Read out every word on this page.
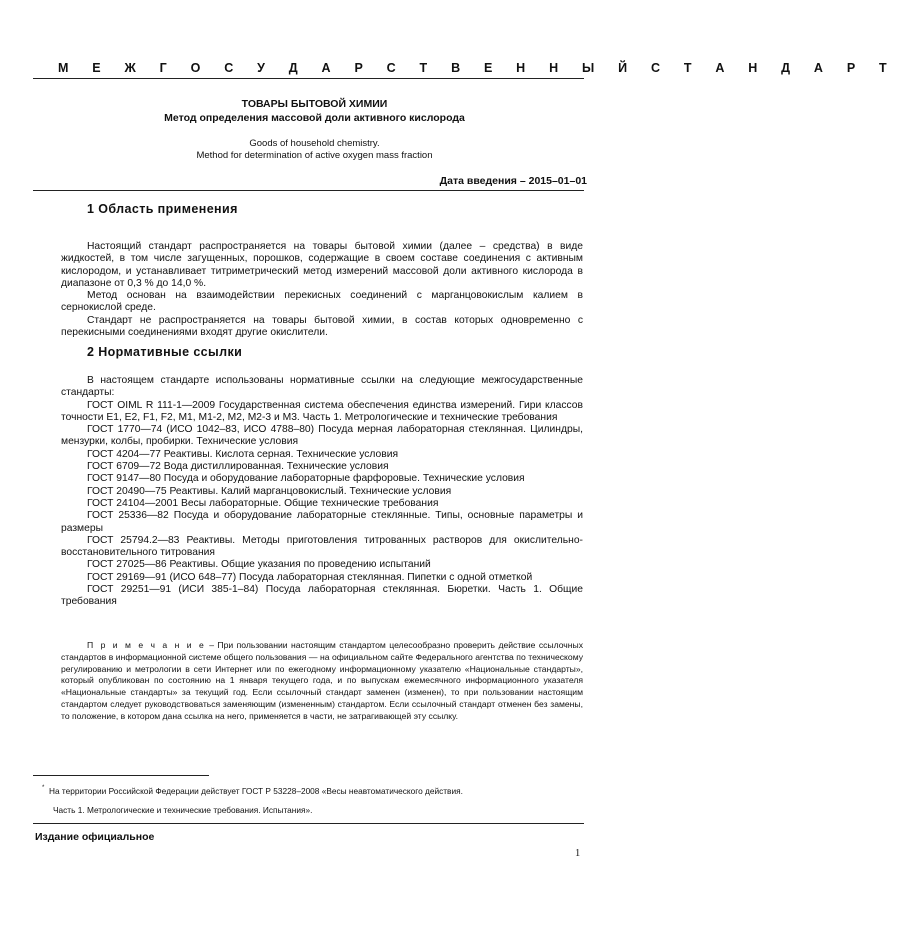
М Е Ж Г О С У Д А Р С Т В Е Н Н Ы Й С Т А Н Д А Р Т
ТОВАРЫ БЫТОВОЙ ХИМИИ
Метод определения массовой доли активного кислорода
Goods of household chemistry.
Method for determination of active oxygen mass fraction
Дата введения – 2015–01–01
1 Область применения

Настоящий стандарт распространяется на товары бытовой химии (далее – средства) в виде жидкостей, в том числе загущенных, порошков, содержащие в своем составе соединения с активным кислородом, и устанавливает титриметрический метод измерений массовой доли активного кислорода в диапазоне от 0,3 % до 14,0 %.

Метод основан на взаимодействии перекисных соединений с марганцовокислым калием в сернокислой среде.

Стандарт не распространяется на товары бытовой химии, в состав которых одновременно с перекисными соединениями входят другие окислители.

2 Нормативные ссылки

В настоящем стандарте использованы нормативные ссылки на следующие межгосударственные стандарты:

ГОСТ OIML R 111-1—2009 Государственная система обеспечения единства измерений. Гири классов точности E1, E2, F1, F2, M1, M1-2, M2, M2-3 и M3. Часть 1. Метрологические и технические требования

ГОСТ 1770—74 (ИСО 1042–83, ИСО 4788–80) Посуда мерная лабораторная стеклянная. Цилиндры, мензурки, колбы, пробирки. Технические условия

ГОСТ 4204—77 Реактивы. Кислота серная. Технические условия

ГОСТ 6709—72 Вода дистиллированная. Технические условия

ГОСТ 9147—80 Посуда и оборудование лабораторные фарфоровые. Технические условия

ГОСТ 20490—75 Реактивы. Калий марганцовокислый. Технические условия

ГОСТ 24104—2001 Весы лабораторные. Общие технические требования

ГОСТ 25336—82 Посуда и оборудование лабораторные стеклянные. Типы, основные параметры и размеры

ГОСТ 25794.2—83 Реактивы. Методы приготовления титрованных растворов для окислительно-восстановительного титрования

ГОСТ 27025—86 Реактивы. Общие указания по проведению испытаний

ГОСТ 29169—91 (ИСО 648–77) Посуда лабораторная стеклянная. Пипетки с одной отметкой

ГОСТ 29251—91 (ИСИ 385-1–84) Посуда лабораторная стеклянная. Бюретки. Часть 1. Общие требования

П р и м е ч а н и е – При пользовании настоящим стандартом целесообразно проверить действие ссылочных стандартов в информационной системе общего пользования — на официальном сайте Федерального агентства по техническому регулированию и метрологии в сети Интернет или по ежегодному информационному указателю «Национальные стандарты», который опубликован по состоянию на 1 января текущего года, и по выпускам ежемесячного информационного указателя «Национальные стандарты» за текущий год. Если ссылочный стандарт заменен (изменен), то при пользовании настоящим стандартом следует руководствоваться заменяющим (измененным) стандартом. Если ссылочный стандарт отменен без замены, то положение, в котором дана ссылка на него, применяется в части, не затрагивающей эту ссылку.

* На территории Российской Федерации действует ГОСТ Р 53228–2008 «Весы неавтоматического действия.
Часть 1. Метрологические и технические требования. Испытания».
Издание официальное
1
